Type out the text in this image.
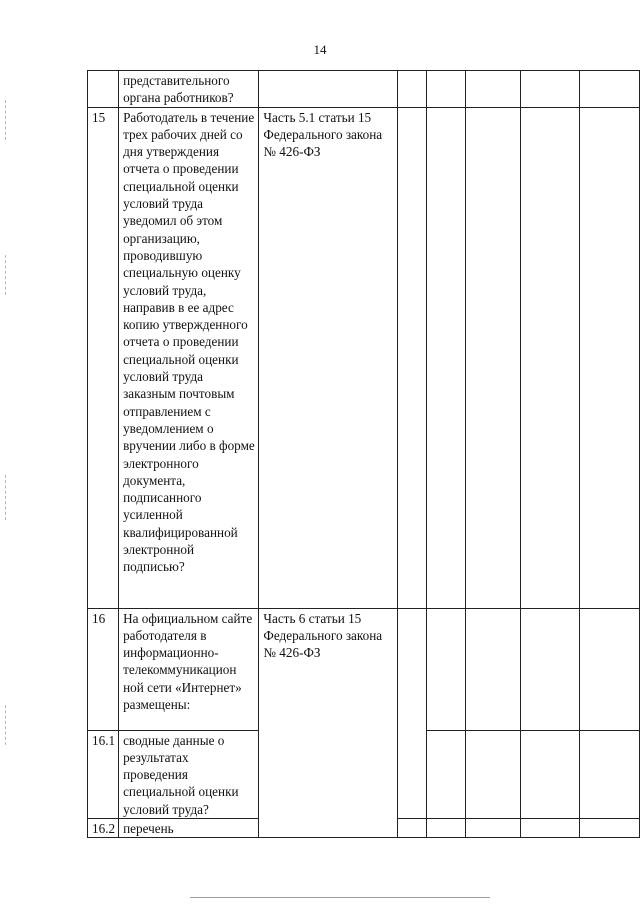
14
	представительного органа работников?						
15	Работодатель в течение трех рабочих дней со дня утверждения отчета о проведении специальной оценки условий труда уведомил об этом организацию, проводившую специальную оценку условий труда, направив в ее адрес копию утвержденного отчета о проведении специальной оценки условий труда заказным почтовым отправлением с уведомлением о вручении либо в форме электронного документа, подписанного усиленной квалифицированной электронной подписью?	Часть 5.1 статьи 15 Федерального закона № 426-ФЗ					
16	На официальном сайте работодателя в информационно-телекоммуникацион ной сети «Интернет» размещены:	Часть 6 статьи 15 Федерального закона № 426-ФЗ					
16.1	сводные данные о результатах проведения специальной оценки условий труда?						
16.2	перечень						
